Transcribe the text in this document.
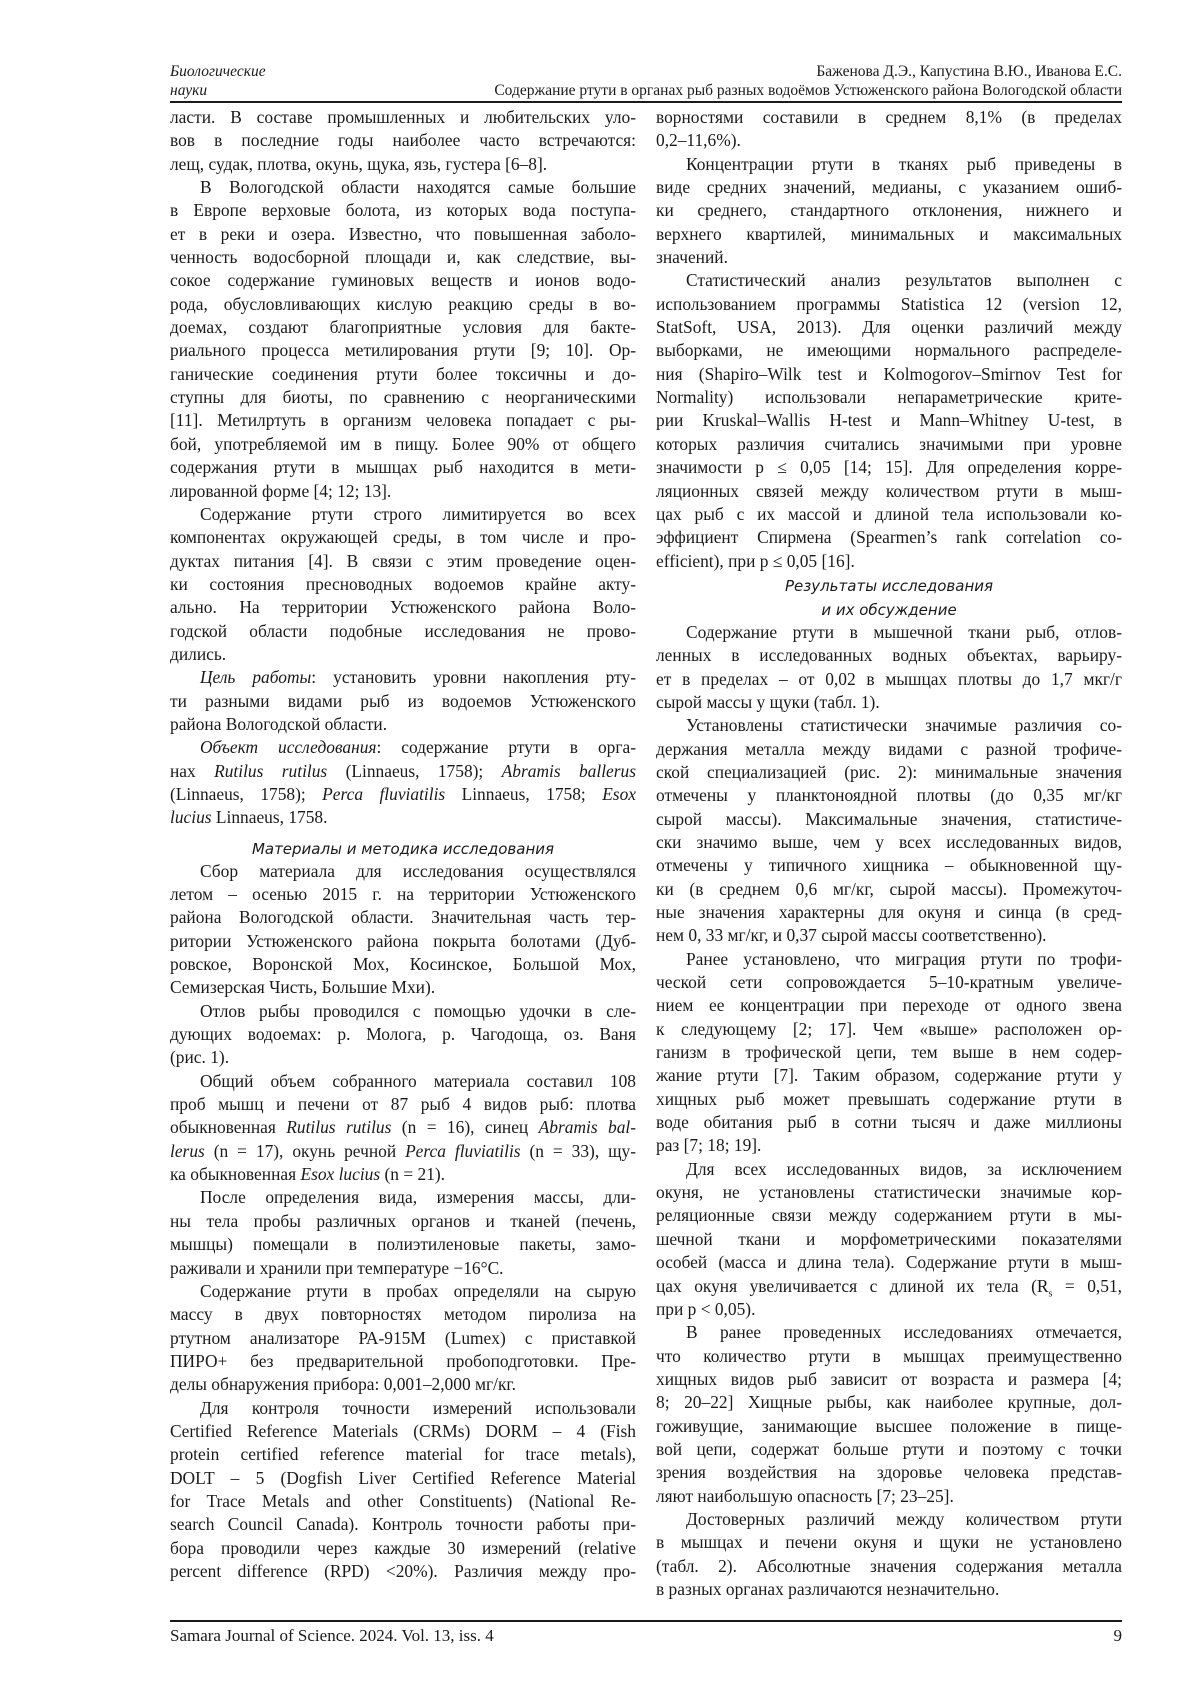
Биологические
науки
Баженова Д.Э., Капустина В.Ю., Иванова Е.С.
Содержание ртути в органах рыб разных водоёмов Устюженского района Вологодской области
ласти. В составе промышленных и любительских уло-
вов в последние годы наиболее часто встречаются:
лещ, судак, плотва, окунь, щука, язь, густера [6–8].
В Вологодской области находятся самые большие
в Европе верховые болота, из которых вода поступа-
ет в реки и озера. Известно, что повышенная заболо-
ченность водосборной площади и, как следствие, вы-
сокое содержание гуминовых веществ и ионов водо-
рода, обусловливающих кислую реакцию среды в во-
доемах, создают благоприятные условия для бакте-
риального процесса метилирования ртути [9; 10]. Ор-
ганические соединения ртути более токсичны и до-
ступны для биоты, по сравнению с неорганическими
[11]. Метилртуть в организм человека попадает с ры-
бой, употребляемой им в пищу. Более 90% от общего
содержания ртути в мышцах рыб находится в мети-
лированной форме [4; 12; 13].
Содержание ртути строго лимитируется во всех
компонентах окружающей среды, в том числе и про-
дуктах питания [4]. В связи с этим проведение оцен-
ки состояния пресноводных водоемов крайне акту-
ально. На территории Устюженского района Воло-
годской области подобные исследования не прово-
дились.
Цель работы: установить уровни накопления рту-
ти разными видами рыб из водоемов Устюженского
района Вологодской области.
Объект исследования: содержание ртути в орга-
нах Rutilus rutilus (Linnaeus, 1758); Abramis ballerus
(Linnaeus, 1758); Perca fluviatilis Linnaeus, 1758; Esox
lucius Linnaeus, 1758.
Материалы и методика исследования
Сбор материала для исследования осуществлялся
летом – осенью 2015 г. на территории Устюженского
района Вологодской области. Значительная часть тер-
ритории Устюженского района покрыта болотами (Дуб-
ровское, Воронской Мох, Косинское, Большой Мох,
Семизерская Чисть, Большие Мхи).
Отлов рыбы проводился с помощью удочки в сле-
дующих водоемах: р. Молога, р. Чагодоща, оз. Ваня
(рис. 1).
Общий объем собранного материала составил 108
проб мышц и печени от 87 рыб 4 видов рыб: плотва
обыкновенная Rutilus rutilus (n = 16), синец Abramis bal-
lerus (n = 17), окунь речной Perca fluviatilis (n = 33), щу-
ка обыкновенная Esox lucius (n = 21).
После определения вида, измерения массы, дли-
ны тела пробы различных органов и тканей (печень,
мышцы) помещали в полиэтиленовые пакеты, замо-
раживали и хранили при температуре −16°С.
Содержание ртути в пробах определяли на сырую
массу в двух повторностях методом пиролиза на
ртутном анализаторе РА-915М (Lumex) с приставкой
ПИРО+ без предварительной пробоподготовки. Пре-
делы обнаружения прибора: 0,001–2,000 мг/кг.
Для контроля точности измерений использовали
Certified Reference Materials (CRMs) DORM – 4 (Fish
protein certified reference material for trace metals),
DOLT – 5 (Dogfish Liver Certified Reference Material
for Trace Metals and other Constituents) (National Re-
search Council Canada). Контроль точности работы при-
бора проводили через каждые 30 измерений (relative
percent difference (RPD) <20%). Различия между про-
ворностями составили в среднем 8,1% (в пределах
0,2–11,6%).
Концентрации ртути в тканях рыб приведены в
виде средних значений, медианы, с указанием ошиб-
ки среднего, стандартного отклонения, нижнего и
верхнего квартилей, минимальных и максимальных
значений.
Статистический анализ результатов выполнен с
использованием программы Statistica 12 (version 12,
StatSoft, USA, 2013). Для оценки различий между
выборками, не имеющими нормального распределе-
ния (Shapiro–Wilk test и Kolmogorov–Smirnov Test for
Normality) использовали непараметрические крите-
рии Kruskal–Wallis H-test и Mann–Whitney U-test, в
которых различия считались значимыми при уровне
значимости p ≤ 0,05 [14; 15]. Для определения корре-
ляционных связей между количеством ртути в мыш-
цах рыб с их массой и длиной тела использовали ко-
эффициент Спирмена (Spearmen’s rank correlation co-
efficient), при p ≤ 0,05 [16].
Результаты исследования
и их обсуждение
Содержание ртути в мышечной ткани рыб, отлов-
ленных в исследованных водных объектах, варьиру-
ет в пределах – от 0,02 в мышцах плотвы до 1,7 мкг/г
сырой массы у щуки (табл. 1).
Установлены статистически значимые различия со-
держания металла между видами с разной трофиче-
ской специализацией (рис. 2): минимальные значения
отмечены у планктоноядной плотвы (до 0,35 мг/кг
сырой массы). Максимальные значения, статистиче-
ски значимо выше, чем у всех исследованных видов,
отмечены у типичного хищника – обыкновенной щу-
ки (в среднем 0,6 мг/кг, сырой массы). Промежуточ-
ные значения характерны для окуня и синца (в сред-
нем 0, 33 мг/кг, и 0,37 сырой массы соответственно).
Ранее установлено, что миграция ртути по трофи-
ческой сети сопровождается 5–10-кратным увеличе-
нием ее концентрации при переходе от одного звена
к следующему [2; 17]. Чем «выше» расположен ор-
ганизм в трофической цепи, тем выше в нем содер-
жание ртути [7]. Таким образом, содержание ртути у
хищных рыб может превышать содержание ртути в
воде обитания рыб в сотни тысяч и даже миллионы
раз [7; 18; 19].
Для всех исследованных видов, за исключением
окуня, не установлены статистически значимые кор-
реляционные связи между содержанием ртути в мы-
шечной ткани и морфометрическими показателями
особей (масса и длина тела). Содержание ртути в мыш-
цах окуня увеличивается с длиной их тела ($R_s = 0,51$,
при p < 0,05).
В ранее проведенных исследованиях отмечается,
что количество ртути в мышцах преимущественно
хищных видов рыб зависит от возраста и размера [4;
8; 20–22] Хищные рыбы, как наиболее крупные, дол-
гоживущие, занимающие высшее положение в пище-
вой цепи, содержат больше ртути и поэтому с точки
зрения воздействия на здоровье человека представ-
ляют наибольшую опасность [7; 23–25].
Достоверных различий между количеством ртути
в мышцах и печени окуня и щуки не установлено
(табл. 2). Абсолютные значения содержания металла
в разных органах различаются незначительно.
Samara Journal of Science. 2024. Vol. 13, iss. 4	9
